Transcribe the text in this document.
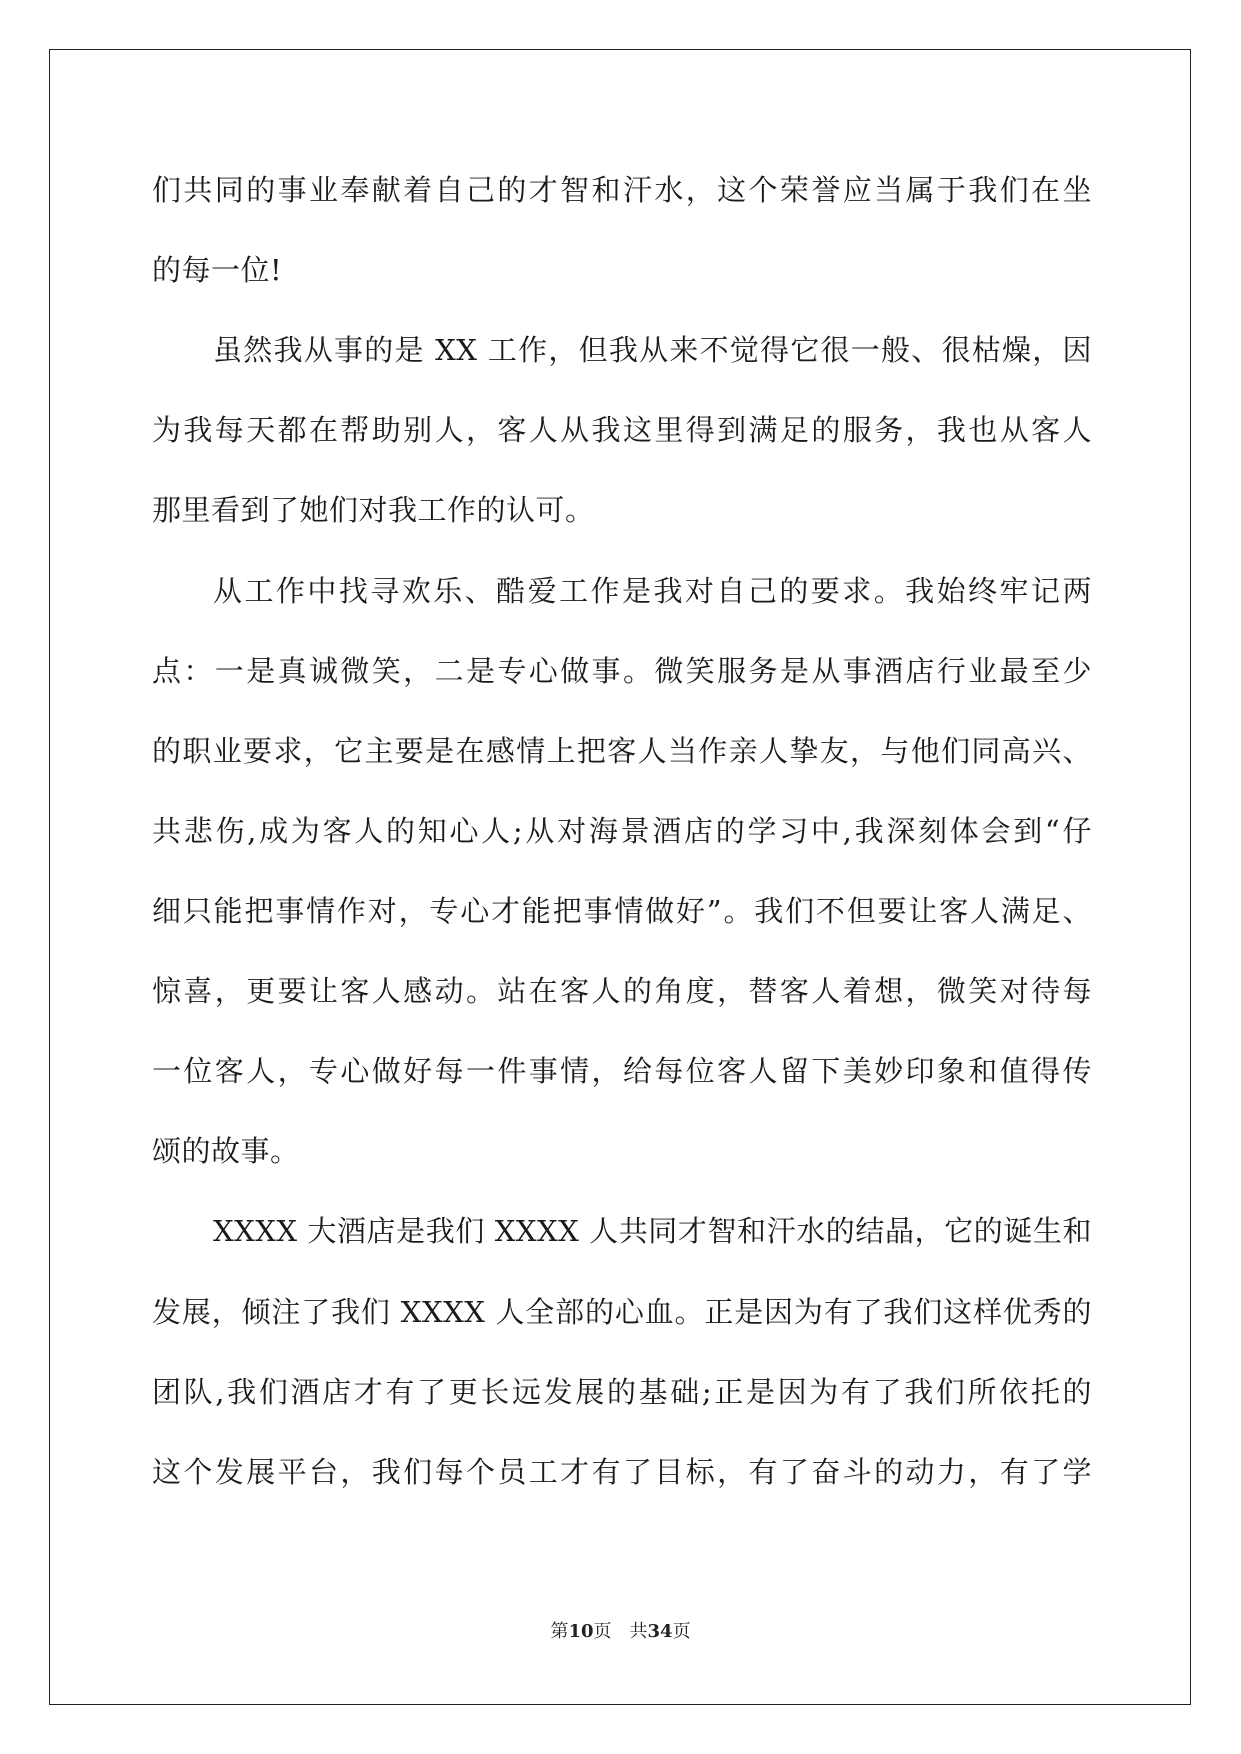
们共同的事业奉献着自己的才智和汗水，这个荣誉应当属于我们在坐
的每一位!
虽然我从事的是 XX 工作，但我从来不觉得它很一般、很枯燥，因
为我每天都在帮助别人，客人从我这里得到满足的服务，我也从客人
那里看到了她们对我工作的认可。
从工作中找寻欢乐、酷爱工作是我对自己的要求。我始终牢记两
点：一是真诚微笑，二是专心做事。微笑服务是从事酒店行业最至少
的职业要求，它主要是在感情上把客人当作亲人挚友，与他们同高兴、
共悲伤,成为客人的知心人;从对海景酒店的学习中,我深刻体会到“仔
细只能把事情作对，专心才能把事情做好”。我们不但要让客人满足、
惊喜，更要让客人感动。站在客人的角度，替客人着想，微笑对待每
一位客人，专心做好每一件事情，给每位客人留下美妙印象和值得传
颂的故事。
XXXX 大酒店是我们 XXXX 人共同才智和汗水的结晶，它的诞生和
发展，倾注了我们 XXXX 人全部的心血。正是因为有了我们这样优秀的
团队,我们酒店才有了更长远发展的基础;正是因为有了我们所依托的
这个发展平台，我们每个员工才有了目标，有了奋斗的动力，有了学
第10页 共34页
